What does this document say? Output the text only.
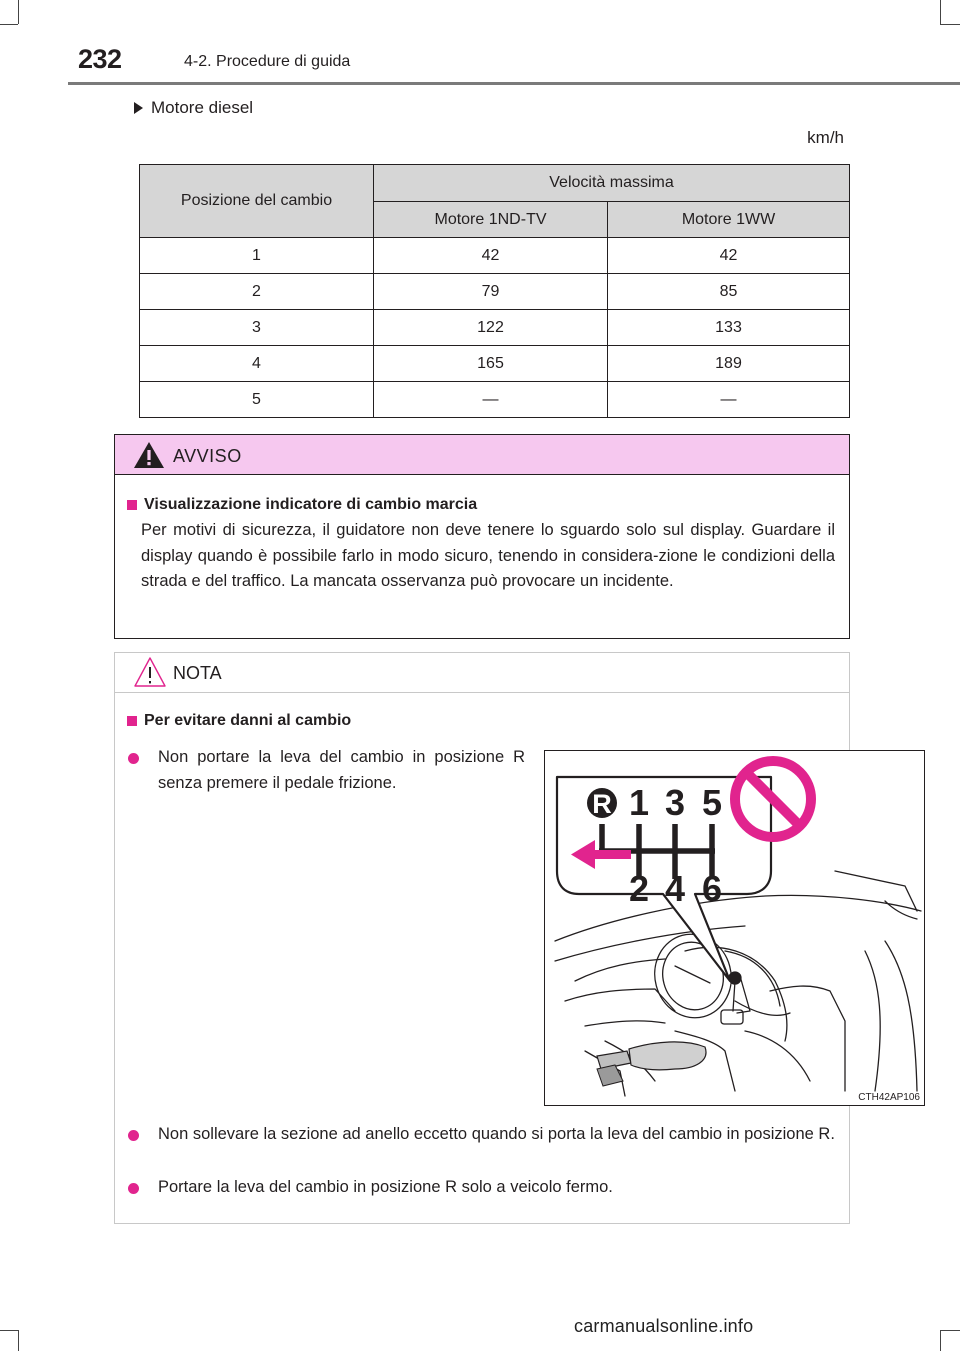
232	4-2. Procedure di guida
Motore diesel
km/h
Posizione del cambio	Velocità massima	
	Motore 1ND-TV	Motore 1WW
1	42	42
2	79	85
3	122	133
4	165	189
5	—	—
AVVISO
Visualizzazione indicatore di cambio marcia
Per motivi di sicurezza, il guidatore non deve tenere lo sguardo solo sul display. Guardare il display quando è possibile farlo in modo sicuro, tenendo in considera-zione le condizioni della strada e del traffico. La mancata osservanza può provocare un incidente.
NOTA
Per evitare danni al cambio
Non portare la leva del cambio in posizione R senza premere il pedale frizione.	1 3 5
2 4 6
R
CTH42AP106
Non sollevare la sezione ad anello eccetto quando si porta la leva del cambio in posizione R.
Portare la leva del cambio in posizione R solo a veicolo fermo.
carmanualsonline.info
